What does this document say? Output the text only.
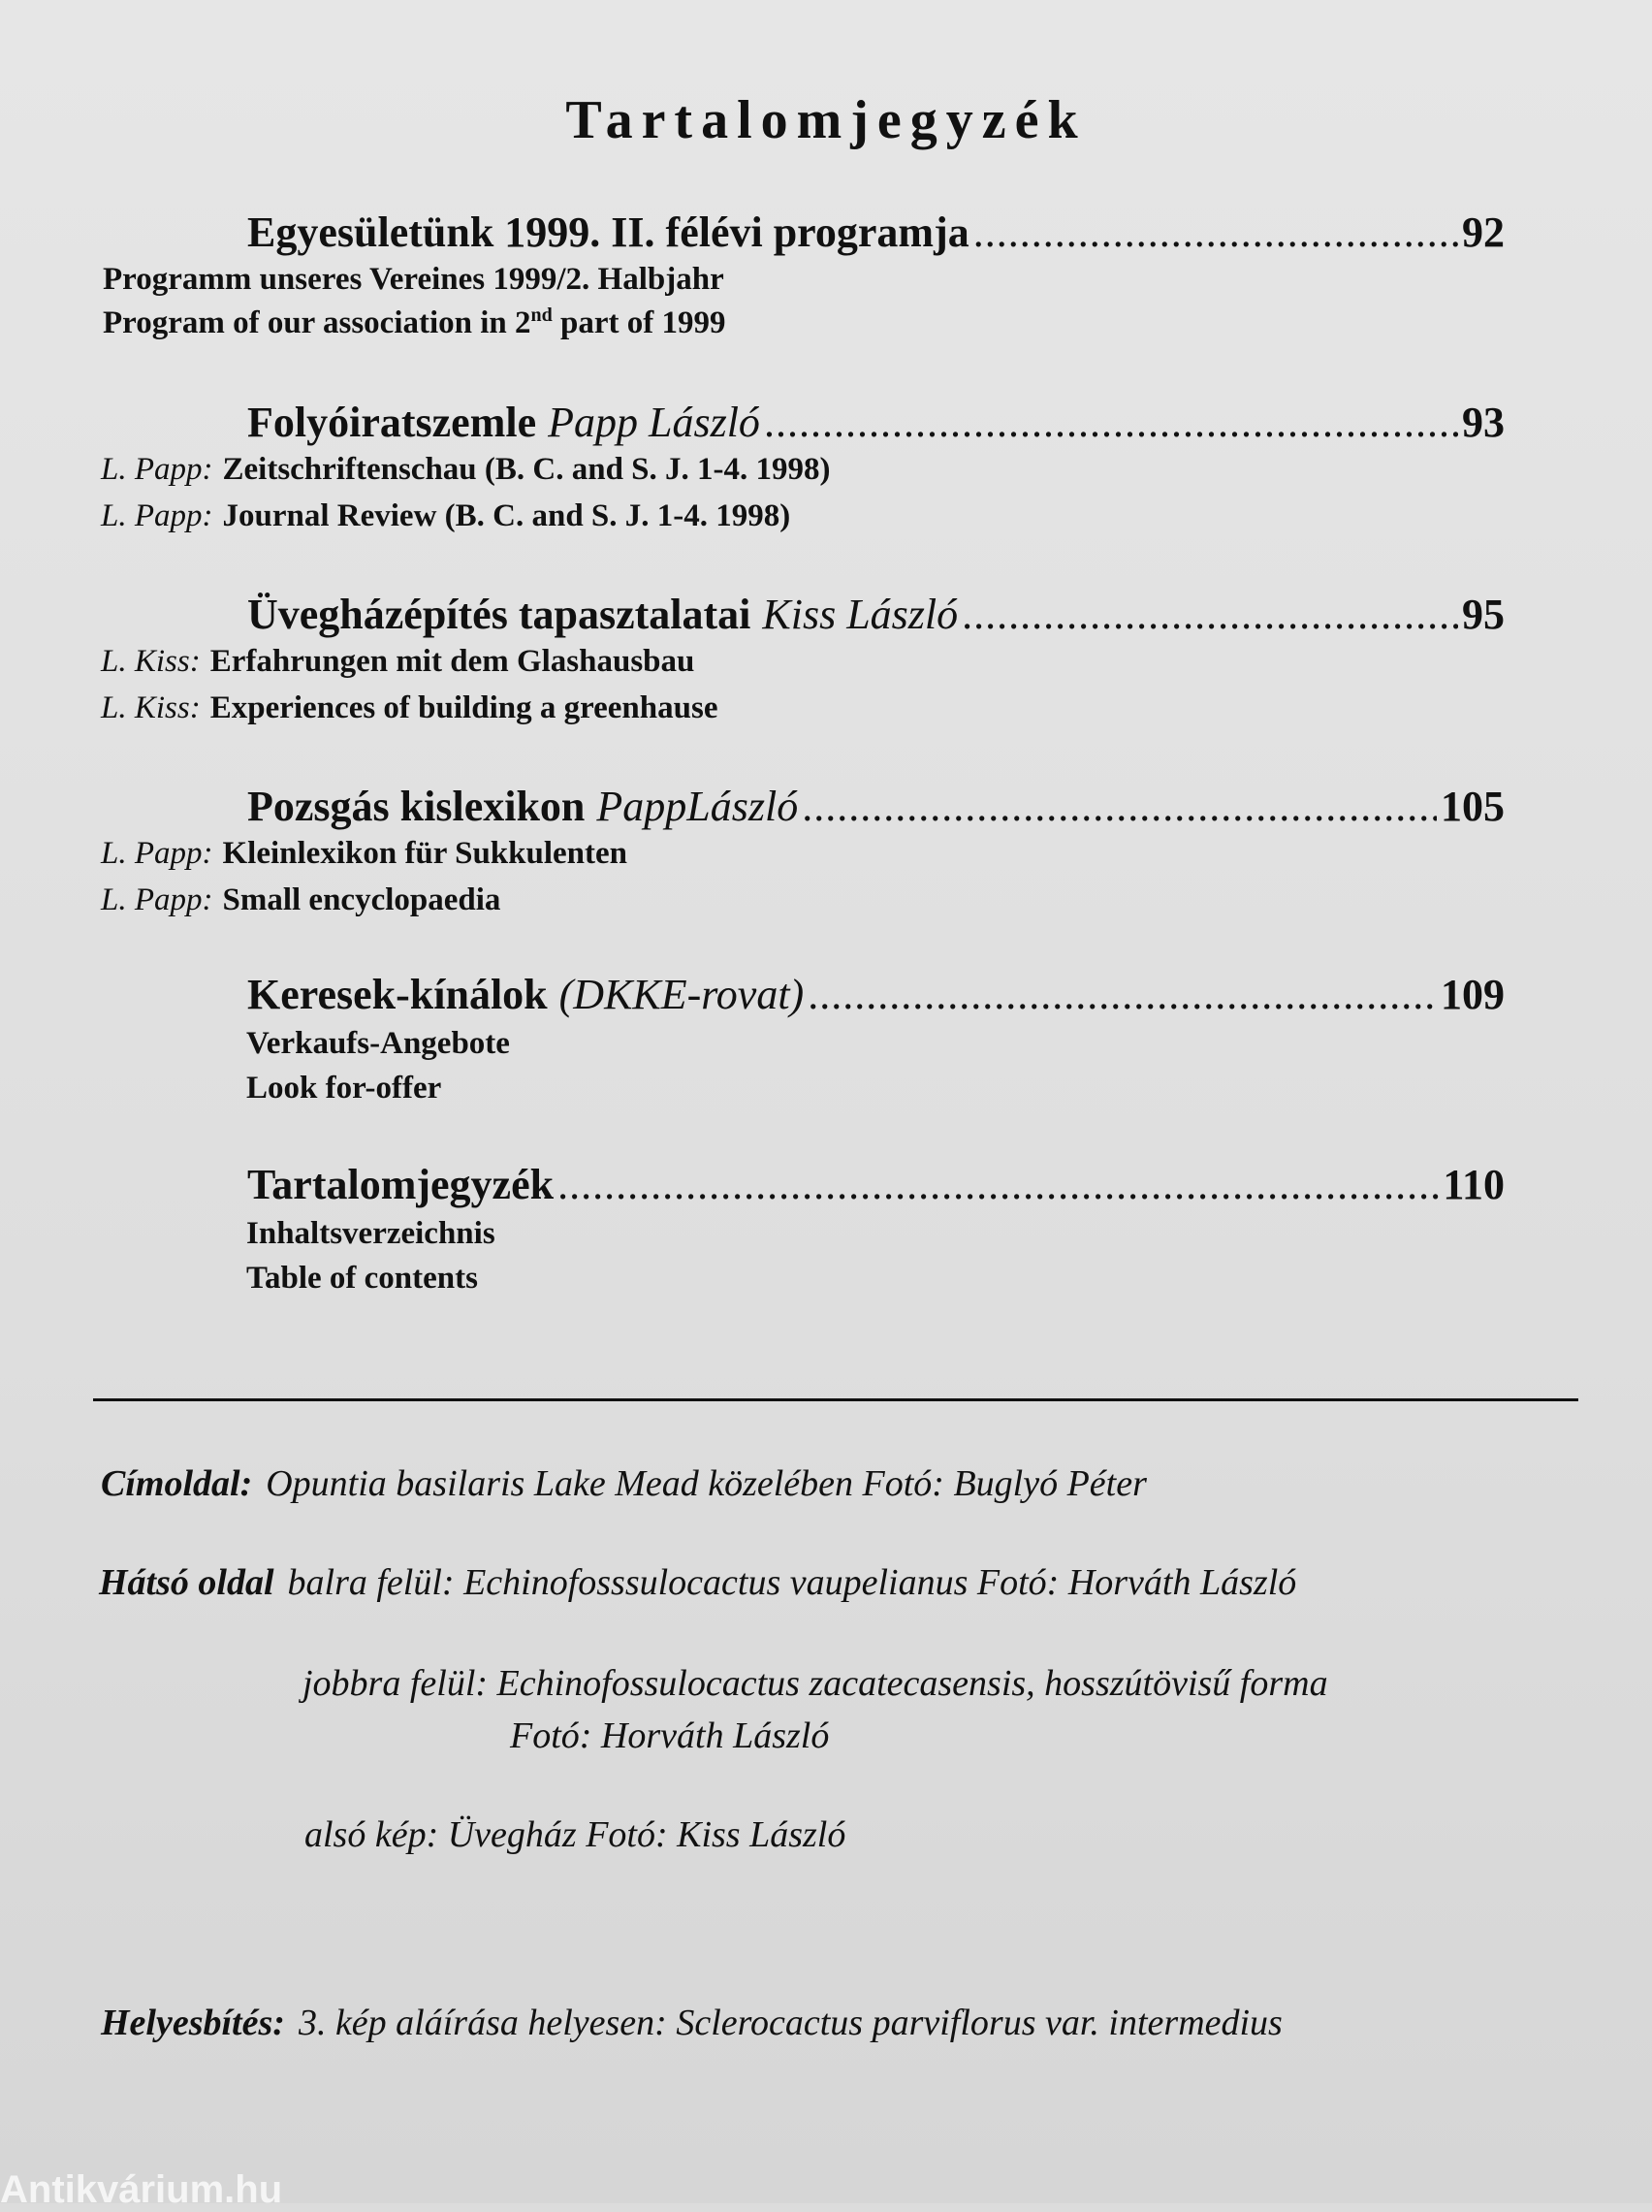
Tartalomjegyzék
Egyesületünk 1999. II. félévi programja .....	92
Programm unseres Vereines 1999/2. Halbjahr
Program of our association in 2nd part of 1999
Folyóiratszemle Papp László .....	93
L. Papp: Zeitschriftenschau (B. C. and S. J. 1-4. 1998)
L. Papp: Journal Review (B. C. and S. J. 1-4. 1998)
Üvegházépítés tapasztalatai Kiss László .....	95
L. Kiss: Erfahrungen mit dem Glashausbau
L. Kiss: Experiences of building a greenhause
Pozsgás kislexikon PappLászló .....	105
L. Papp: Kleinlexikon für Sukkulenten
L. Papp: Small encyclopaedia
Keresek-kínálok (DKKE-rovat) .....	109
Verkaufs-Angebote
Look for-offer
Tartalomjegyzék .....	110
Inhaltsverzeichnis
Table of contents
Címoldal: Opuntia basilaris Lake Mead közelében Fotó: Buglyó Péter
Hátsó oldal balra felül: Echinofosssulocactus vaupelianus Fotó: Horváth László
jobbra felül: Echinofossulocactus zacatecasensis, hosszútövisű forma
Fotó: Horváth László
alsó kép: Üvegház Fotó: Kiss László
Helyesbítés: 3. kép aláírása helyesen: Sclerocactus parviflorus var. intermedius
Antikvárium.hu
